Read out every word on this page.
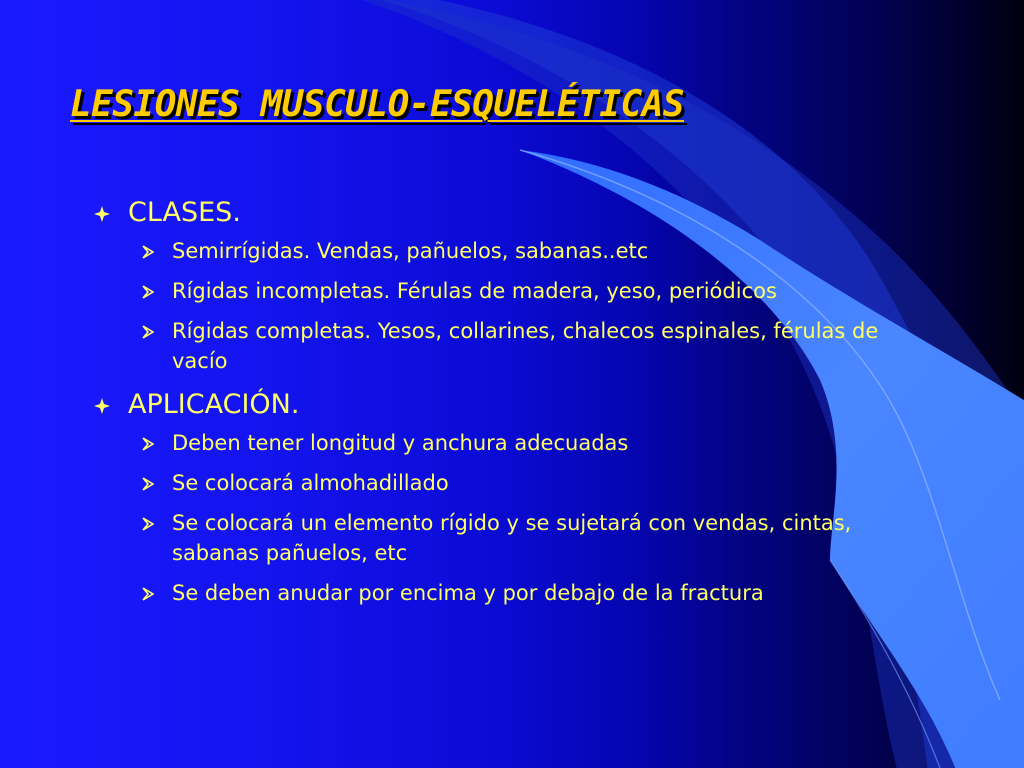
LESIONES MUSCULO-ESQUELÉTICAS
CLASES.
Semirrígidas. Vendas, pañuelos, sabanas..etc
Rígidas incompletas. Férulas de madera, yeso, periódicos
Rígidas completas. Yesos, collarines, chalecos espinales, férulas de vacío
APLICACIÓN.
Deben tener longitud y anchura adecuadas
Se colocará almohadillado
Se colocará un elemento rígido y se sujetará con vendas, cintas, sabanas pañuelos, etc
Se deben anudar por encima y por debajo de la fractura
